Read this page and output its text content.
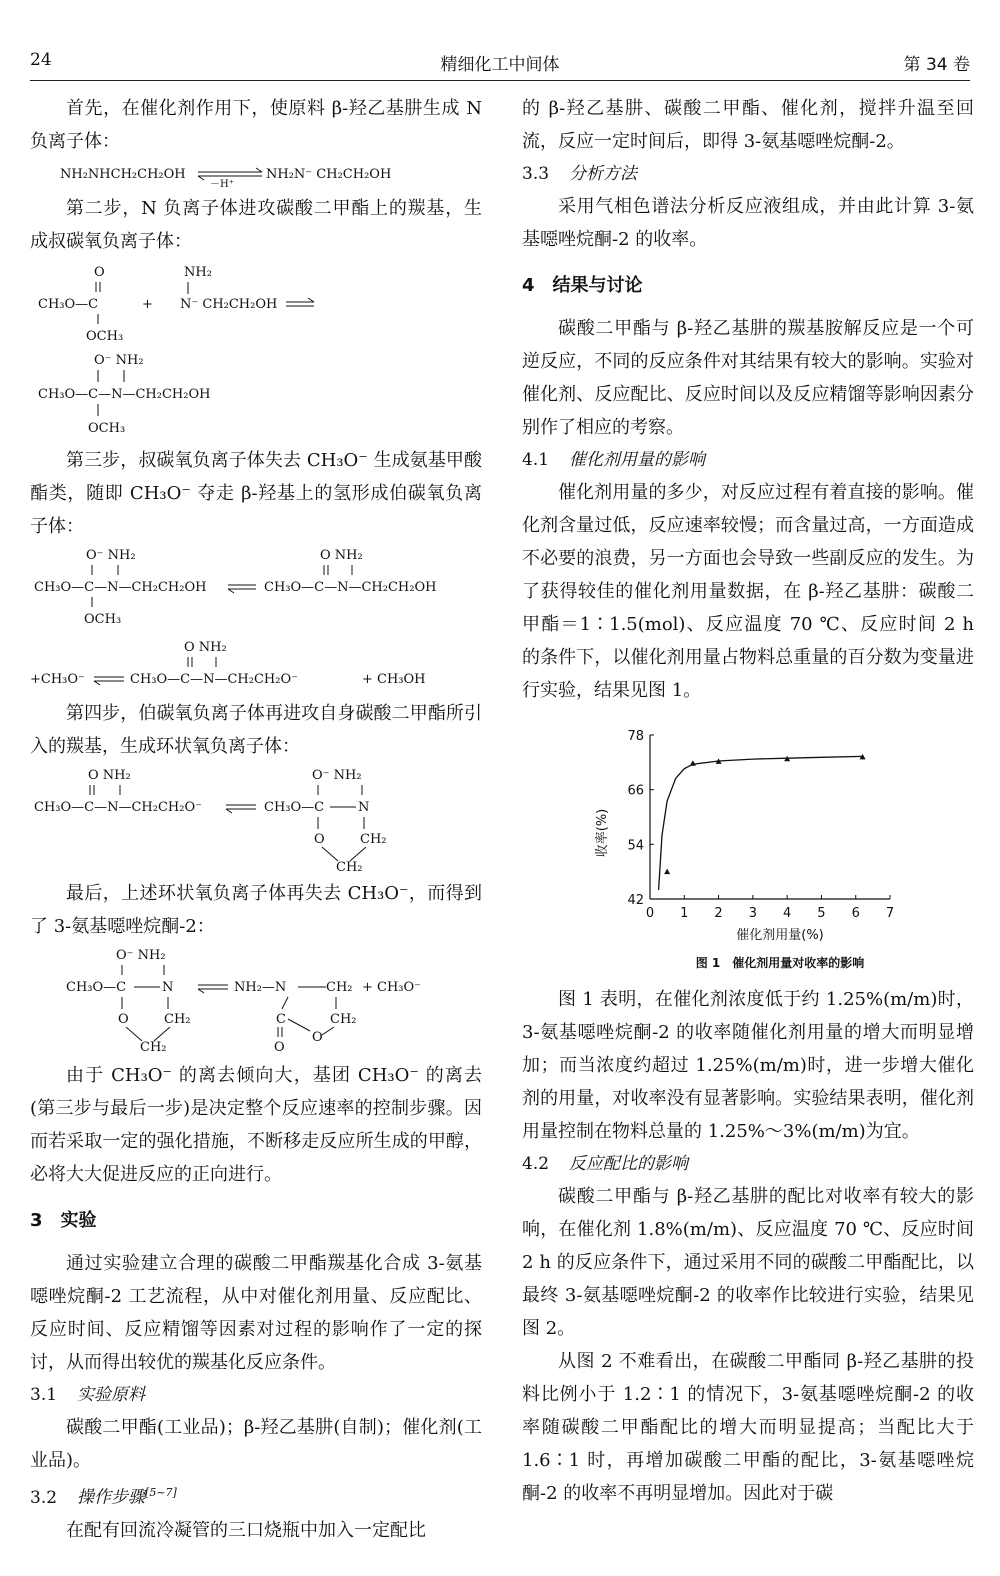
24	精细化工中间体	第 34 卷

首先，在催化剂作用下，使原料 β-羟乙基肼生成 N 负离子体：

NH₂NHCH₂CH₂OH
－H⁺
NH₂N⁻ CH₂CH₂OH

第二步，N 负离子体进攻碳酸二甲酯上的羰基，生成叔碳氧负离子体：

O
CH₃O—C
OCH₃
+
NH₂
N⁻ CH₂CH₂OH
O⁻ NH₂
CH₃O—C—N—CH₂CH₂OH
OCH₃

第三步，叔碳氧负离子体失去 CH₃O⁻ 生成氨基甲酸酯类，随即 CH₃O⁻ 夺走 β-羟基上的氢形成伯碳氧负离子体：

O⁻ NH₂
CH₃O—C—N—CH₂CH₂OH
OCH₃
O NH₂
CH₃O—C—N—CH₂CH₂OH
O NH₂
+CH₃O⁻	CH₃O—C—N—CH₂CH₂O⁻	+ CH₃OH

第四步，伯碳氧负离子体再进攻自身碳酸二甲酯所引入的羰基，生成环状氧负离子体：

O NH₂
CH₃O—C—N—CH₂CH₂O⁻
O⁻ NH₂
CH₃O—C	N
O	CH₂
CH₂

最后，上述环状氧负离子体再失去 CH₃O⁻，而得到了 3-氨基噁唑烷酮-2：

O⁻ NH₂
CH₃O—C	N
O	CH₂
CH₂
NH₂—N	CH₂ + CH₃O⁻
C	CH₂
O
O

由于 CH₃O⁻ 的离去倾向大，基团 CH₃O⁻ 的离去(第三步与最后一步)是决定整个反应速率的控制步骤。因而若采取一定的强化措施，不断移走反应所生成的甲醇，必将大大促进反应的正向进行。

3　实验

通过实验建立合理的碳酸二甲酯羰基化合成 3-氨基噁唑烷酮-2 工艺流程，从中对催化剂用量、反应配比、反应时间、反应精馏等因素对过程的影响作了一定的探讨，从而得出较优的羰基化反应条件。

3.1 实验原料

碳酸二甲酯(工业品)；β-羟乙基肼(自制)；催化剂(工业品)。

3.2 操作步骤[5~7]

在配有回流冷凝管的三口烧瓶中加入一定配比

的 β-羟乙基肼、碳酸二甲酯、催化剂，搅拌升温至回流，反应一定时间后，即得 3-氨基噁唑烷酮-2。

3.3 分析方法

采用气相色谱法分析反应液组成，并由此计算 3-氨基噁唑烷酮-2 的收率。

4　结果与讨论

碳酸二甲酯与 β-羟乙基肼的羰基胺解反应是一个可逆反应，不同的反应条件对其结果有较大的影响。实验对催化剂、反应配比、反应时间以及反应精馏等影响因素分别作了相应的考察。

4.1 催化剂用量的影响

催化剂用量的多少，对反应过程有着直接的影响。催化剂含量过低，反应速率较慢；而含量过高，一方面造成不必要的浪费，另一方面也会导致一些副反应的发生。为了获得较佳的催化剂用量数据，在 β-羟乙基肼：碳酸二甲酯＝1∶1.5(mol)、反应温度 70 ℃、反应时间 2 h 的条件下，以催化剂用量占物料总重量的百分数为变量进行实验，结果见图 1。

0 1 2 3 4 5 6 7
42
54
66
78
催化剂用量(%)
收率(%)
图 1　催化剂用量对收率的影响

图 1 表明，在催化剂浓度低于约 1.25%(m/m)时，3-氨基噁唑烷酮-2 的收率随催化剂用量的增大而明显增加；而当浓度约超过 1.25%(m/m)时，进一步增大催化剂的用量，对收率没有显著影响。实验结果表明，催化剂用量控制在物料总量的 1.25%～3%(m/m)为宜。

4.2 反应配比的影响

碳酸二甲酯与 β-羟乙基肼的配比对收率有较大的影响，在催化剂 1.8%(m/m)、反应温度 70 ℃、反应时间 2 h 的反应条件下，通过采用不同的碳酸二甲酯配比，以最终 3-氨基噁唑烷酮-2 的收率作比较进行实验，结果见图 2。

从图 2 不难看出，在碳酸二甲酯同 β-羟乙基肼的投料比例小于 1.2∶1 的情况下，3-氨基噁唑烷酮-2 的收率随碳酸二甲酯配比的增大而明显提高；当配比大于 1.6∶1 时，再增加碳酸二甲酯的配比，3-氨基噁唑烷酮-2 的收率不再明显增加。因此对于碳
